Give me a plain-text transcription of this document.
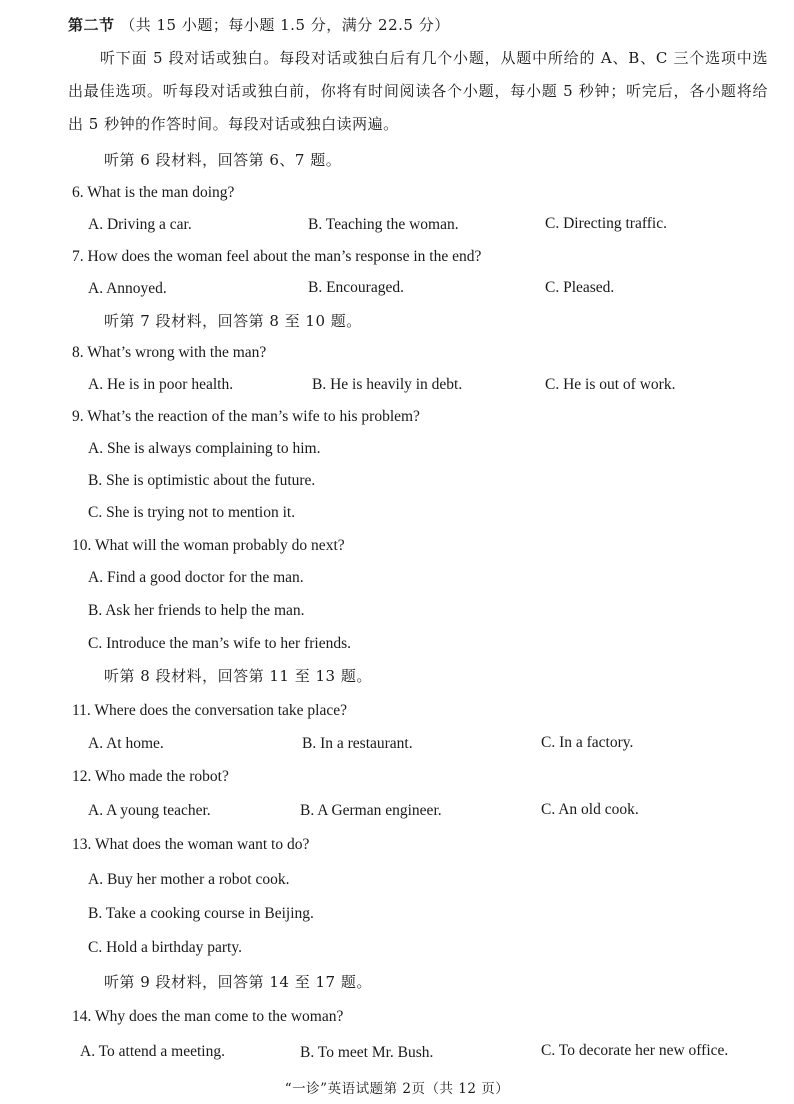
第二节 （共 15 小题；每小题 1.5 分，满分 22.5 分）
听下面 5 段对话或独白。每段对话或独白后有几个小题，从题中所给的 A、B、C 三个选项中选出最佳选项。听每段对话或独白前，你将有时间阅读各个小题，每小题 5 秒钟；听完后，各小题将给出 5 秒钟的作答时间。每段对话或独白读两遍。
听第 6 段材料，回答第 6、7 题。
6. What is the man doing?
A. Driving a car.	B. Teaching the woman.	C. Directing traffic.
7. How does the woman feel about the man’s response in the end?
A. Annoyed.	B. Encouraged.	C. Pleased.
听第 7 段材料，回答第 8 至 10 题。
8. What’s wrong with the man?
A. He is in poor health.	B. He is heavily in debt.	C. He is out of work.
9. What’s the reaction of the man’s wife to his problem?
A. She is always complaining to him.
B. She is optimistic about the future.
C. She is trying not to mention it.
10. What will the woman probably do next?
A. Find a good doctor for the man.
B. Ask her friends to help the man.
C. Introduce the man’s wife to her friends.
听第 8 段材料，回答第 11 至 13 题。
11. Where does the conversation take place?
A. At home.	B. In a restaurant.	C. In a factory.
12. Who made the robot?
A. A young teacher.	B. A German engineer.	C. An old cook.
13. What does the woman want to do?
A. Buy her mother a robot cook.
B. Take a cooking course in Beijing.
C. Hold a birthday party.
听第 9 段材料，回答第 14 至 17 题。
14. Why does the man come to the woman?
A. To attend a meeting.	B. To meet Mr. Bush.	C. To decorate her new office.
“一诊”英语试题第 2页（共 12 页）
